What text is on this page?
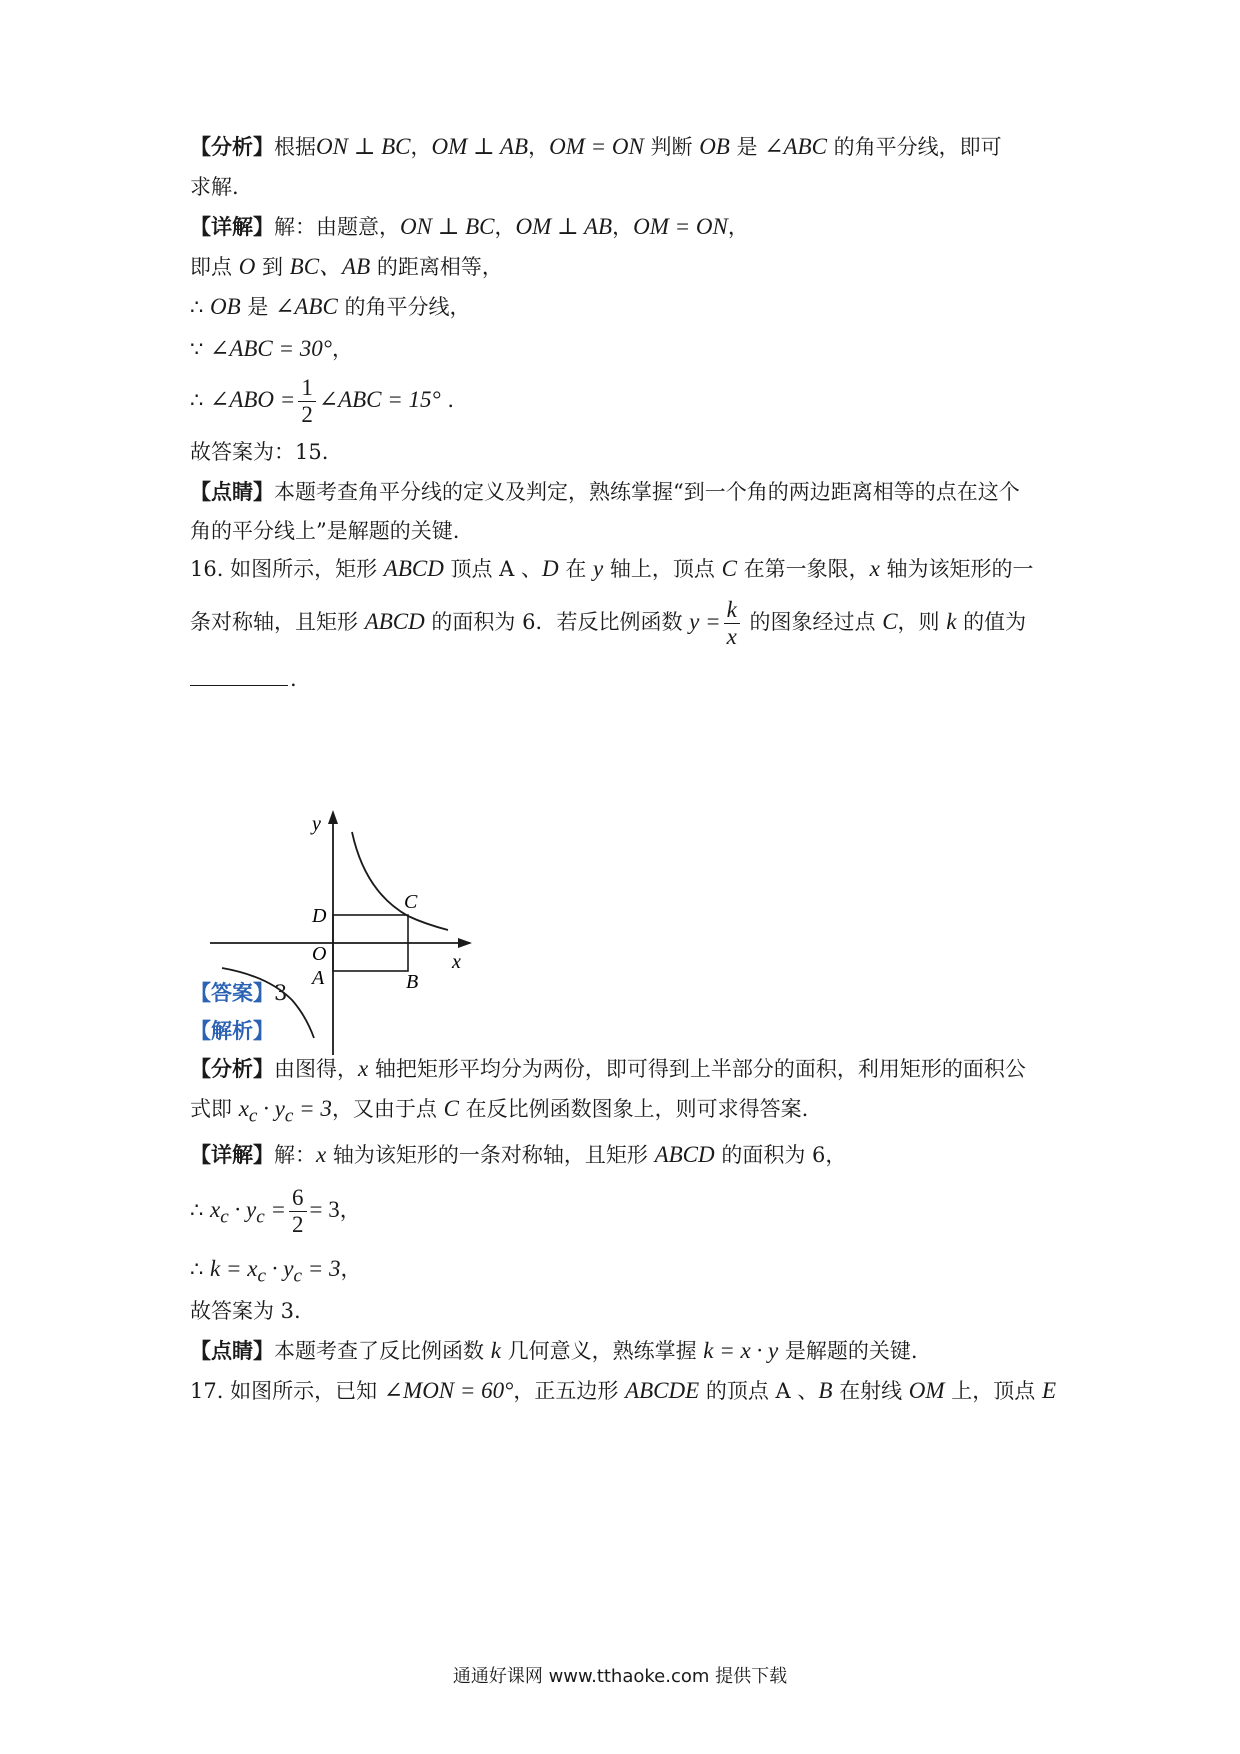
【分析】根据ON ⊥ BC，OM ⊥ AB，OM = ON 判断 OB 是 ∠ABC 的角平分线，即可
求解.
【详解】解：由题意，ON ⊥ BC，OM ⊥ AB，OM = ON，
即点 O 到 BC、AB 的距离相等，
∴ OB 是 ∠ABC 的角平分线，
∵ ∠ABC = 30°，
∴ ∠ABO = $\frac{1}{2}$ ∠ABC = 15° .
故答案为：15.
【点睛】本题考查角平分线的定义及判定，熟练掌握“到一个角的两边距离相等的点在这个
角的平分线上”是解题的关键.
16. 如图所示，矩形 ABCD 顶点 A 、D 在 y 轴上，顶点 C 在第一象限，x 轴为该矩形的一
条对称轴，且矩形 ABCD 的面积为 6．若反比例函数 $y = \frac{k}{x}$ 的图象经过点 C，则 k 的值为
.
y
x
D
C
O
A	B
【答案】3
【解析】
【分析】由图得，x 轴把矩形平均分为两份，即可得到上半部分的面积，利用矩形的面积公
式即 $x_c \cdot y_c = 3$，又由于点 C 在反比例函数图象上，则可求得答案.
【详解】解：x 轴为该矩形的一条对称轴，且矩形 ABCD 的面积为 6，
∴ $x_c \cdot y_c = \frac{6}{2} = 3$，
∴ $k = x_c \cdot y_c = 3$，
故答案为 3.
【点睛】本题考查了反比例函数 k 几何意义，熟练掌握 k = x · y 是解题的关键.
17. 如图所示，已知 ∠MON = 60°，正五边形 ABCDE 的顶点 A 、B 在射线 OM 上，顶点 E
通通好课网 www.tthaoke.com 提供下载
